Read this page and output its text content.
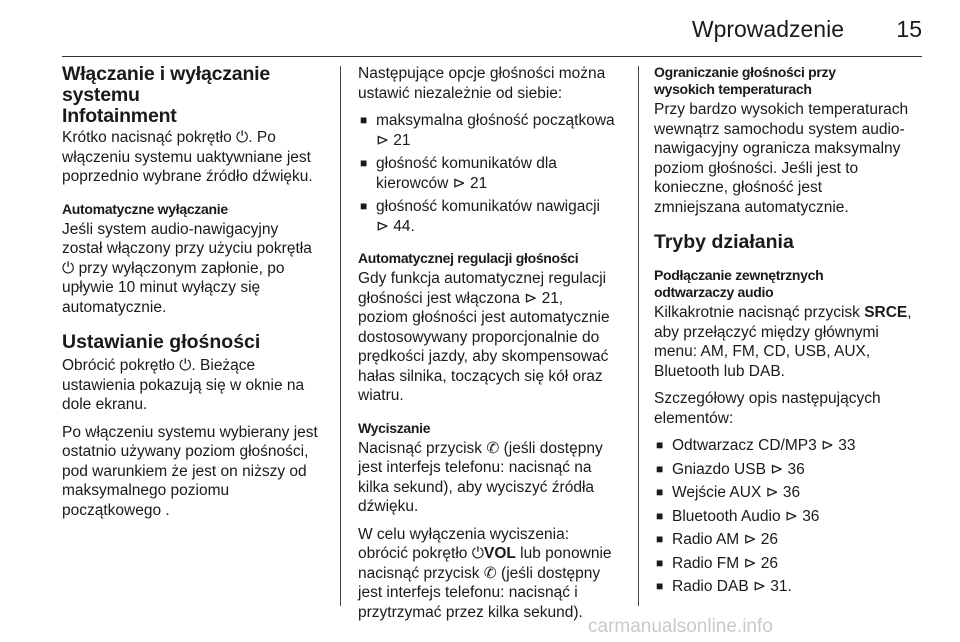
Wprowadzenie 15
Włączanie i wyłączanie systemu
Infotainment

Krótko nacisnąć pokrętło ⏻. Po
włączeniu systemu uaktywniane jest
poprzednio wybrane źródło dźwięku.

Automatyczne wyłączanie

Jeśli system audio-nawigacyjny
został włączony przy użyciu pokrętła
⏻ przy wyłączonym zapłonie, po
upływie 10 minut wyłączy się
automatycznie.

Ustawianie głośności

Obrócić pokrętło ⏻. Bieżące
ustawienia pokazują się w oknie na
dole ekranu.

Po włączeniu systemu wybierany jest
ostatnio używany poziom głośności,
pod warunkiem że jest on niższy od
maksymalnego poziomu
początkowego .

Następujące opcje głośności można
ustawić niezależnie od siebie:

■ maksymalna głośność początkowa
⊳ 21
■ głośność komunikatów dla
kierowców ⊳ 21
■ głośność komunikatów nawigacji
⊳ 44.
Automatycznej regulacji głośności

Gdy funkcja automatycznej regulacji
głośności jest włączona ⊳ 21,
poziom głośności jest automatycznie
dostosowywany proporcjonalnie do
prędkości jazdy, aby skompensować
hałas silnika, toczących się kół oraz
wiatru.

Wyciszanie

Nacisnąć przycisk ✆ (jeśli dostępny
jest interfejs telefonu: nacisnąć na
kilka sekund), aby wyciszyć źródła
dźwięku.

W celu wyłączenia wyciszenia:
obrócić pokrętło ⏻VOL lub ponownie
nacisnąć przycisk ✆ (jeśli dostępny
jest interfejs telefonu: nacisnąć i
przytrzymać przez kilka sekund).

Ograniczanie głośności przy
wysokich temperaturach

Przy bardzo wysokich temperaturach
wewnątrz samochodu system audio-
nawigacyjny ogranicza maksymalny
poziom głośności. Jeśli jest to
konieczne, głośność jest
zmniejszana automatycznie.

Tryby działania
Podłączanie zewnętrznych
odtwarzaczy audio

Kilkakrotnie nacisnąć przycisk SRCE,
aby przełączyć między głównymi
menu: AM, FM, CD, USB, AUX,
Bluetooth lub DAB.

Szczegółowy opis następujących
elementów:

■ Odtwarzacz CD/MP3 ⊳ 33
■ Gniazdo USB ⊳ 36
■ Wejście AUX ⊳ 36
■ Bluetooth Audio ⊳ 36
■ Radio AM ⊳ 26
■ Radio FM ⊳ 26
■ Radio DAB ⊳ 31.
carmanualsonline.info
